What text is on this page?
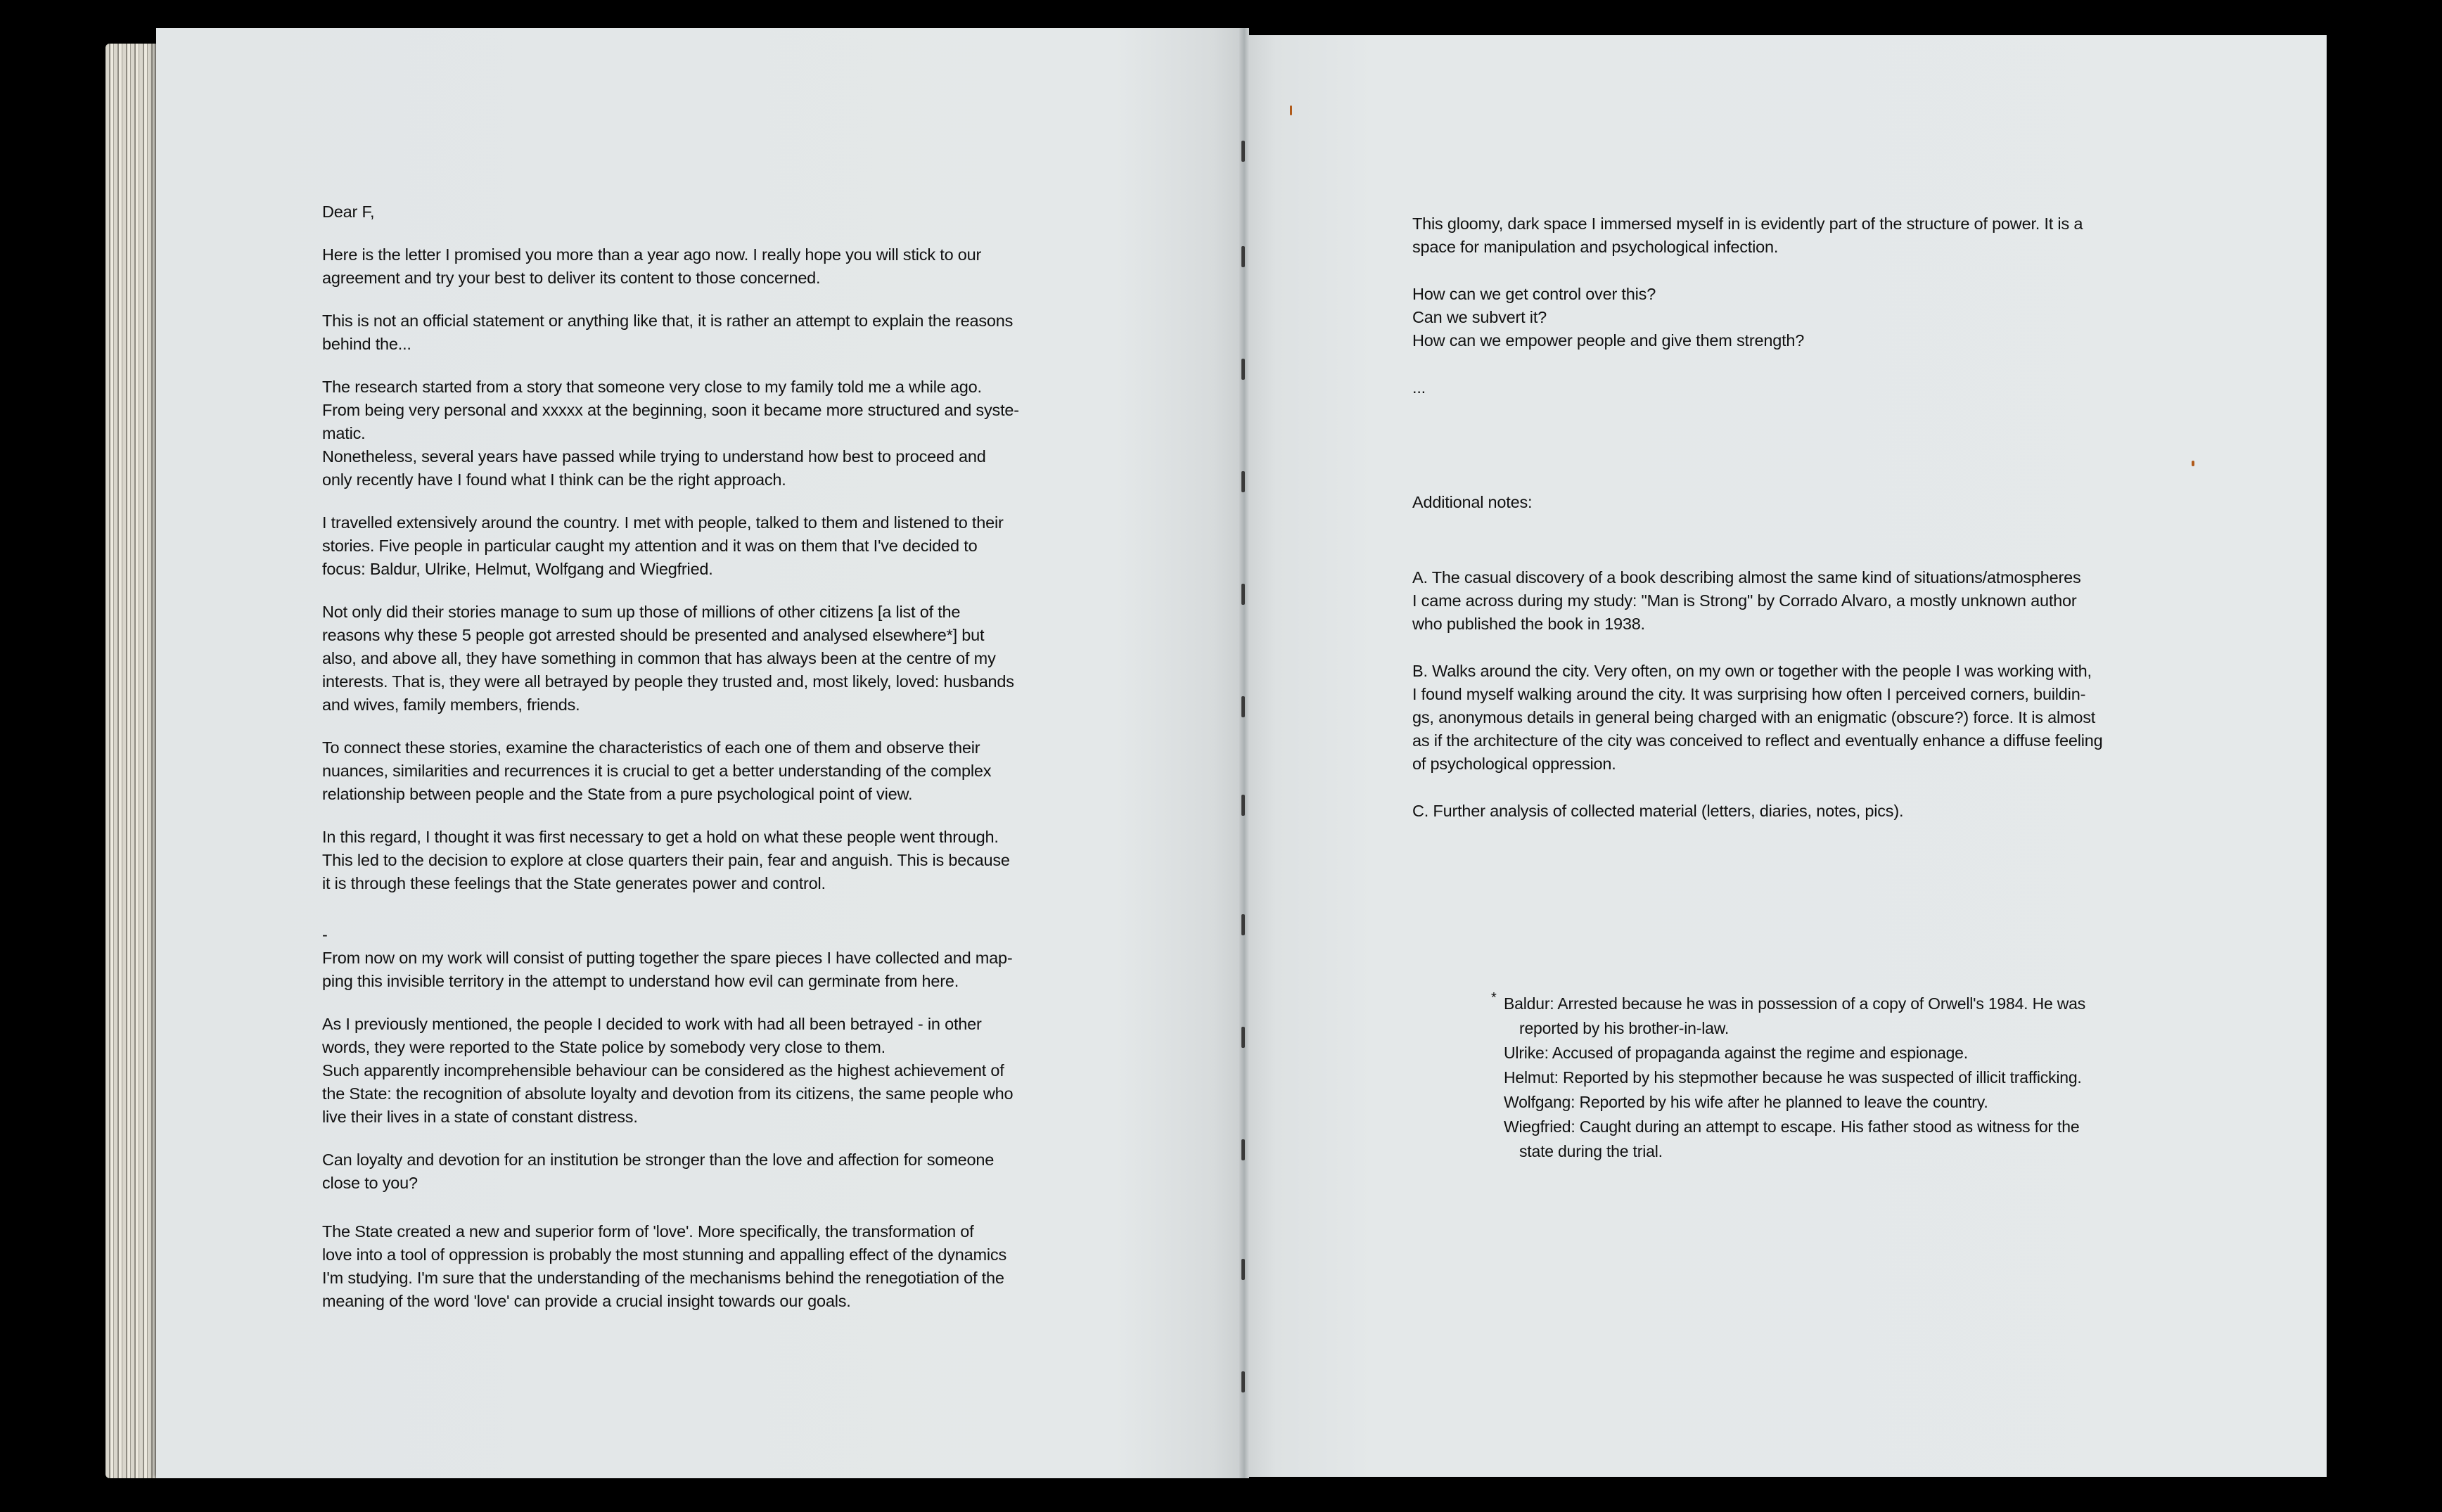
Dear F,

Here is the letter I promised you more than a year ago now. I really hope you will stick to our
agreement and try your best to deliver its content to those concerned.

This is not an official statement or anything like that, it is rather an attempt to explain the reasons
behind the...

The research started from a story that someone very close to my family told me a while ago.
From being very personal and xxxxx at the beginning, soon it became more structured and syste-
matic.
Nonetheless, several years have passed while trying to understand how best to proceed and
only recently have I found what I think can be the right approach.

I travelled extensively around the country. I met with people, talked to them and listened to their
stories. Five people in particular caught my attention and it was on them that I've decided to
focus: Baldur, Ulrike, Helmut, Wolfgang and Wiegfried.

Not only did their stories manage to sum up those of millions of other citizens [a list of the
reasons why these 5 people got arrested should be presented and analysed elsewhere*] but
also, and above all, they have something in common that has always been at the centre of my
interests. That is, they were all betrayed by people they trusted and, most likely, loved: husbands
and wives, family members, friends.

To connect these stories, examine the characteristics of each one of them and observe their
nuances, similarities and recurrences it is crucial to get a better understanding of the complex
relationship between people and the State from a pure psychological point of view.

In this regard, I thought it was first necessary to get a hold on what these people went through.
This led to the decision to explore at close quarters their pain, fear and anguish. This is because
it is through these feelings that the State generates power and control.

-
From now on my work will consist of putting together the spare pieces I have collected and map-
ping this invisible territory in the attempt to understand how evil can germinate from here.

As I previously mentioned, the people I decided to work with had all been betrayed - in other
words, they were reported to the State police by somebody very close to them.
Such apparently incomprehensible behaviour can be considered as the highest achievement of
the State: the recognition of absolute loyalty and devotion from its citizens, the same people who
live their lives in a state of constant distress.

Can loyalty and devotion for an institution be stronger than the love and affection for someone
close to you?

The State created a new and superior form of 'love'. More specifically, the transformation of
love into a tool of oppression is probably the most stunning and appalling effect of the dynamics
I'm studying. I'm sure that the understanding of the mechanisms behind the renegotiation of the
meaning of the word 'love' can provide a crucial insight towards our goals.

This gloomy, dark space I immersed myself in is evidently part of the structure of power. It is a
space for manipulation and psychological infection.

How can we get control over this?
Can we subvert it?
How can we empower people and give them strength?

...

Additional notes:

A. The casual discovery of a book describing almost the same kind of situations/atmospheres
I came across during my study: "Man is Strong" by Corrado Alvaro, a mostly unknown author
who published the book in 1938.

B. Walks around the city. Very often, on my own or together with the people I was working with,
I found myself walking around the city. It was surprising how often I perceived corners, buildin-
gs, anonymous details in general being charged with an enigmatic (obscure?) force. It is almost
as if the architecture of the city was conceived to reflect and eventually enhance a diffuse feeling
of psychological oppression.

C. Further analysis of collected material (letters, diaries, notes, pics).

* Baldur: Arrested because he was in possession of a copy of Orwell's 1984. He was
reported by his brother-in-law.
Ulrike: Accused of propaganda against the regime and espionage.
Helmut: Reported by his stepmother because he was suspected of illicit trafficking.
Wolfgang: Reported by his wife after he planned to leave the country.
Wiegfried: Caught during an attempt to escape. His father stood as witness for the
state during the trial.
